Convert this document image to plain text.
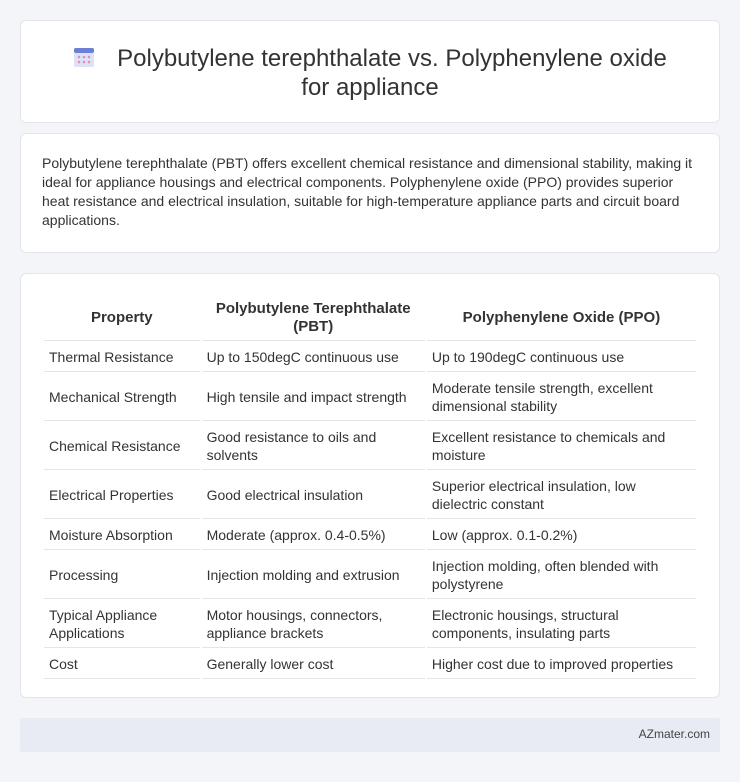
Polybutylene terephthalate vs. Polyphenylene oxide for appliance

Polybutylene terephthalate (PBT) offers excellent chemical resistance and dimensional stability, making it ideal for appliance housings and electrical components. Polyphenylene oxide (PPO) provides superior heat resistance and electrical insulation, suitable for high-temperature appliance parts and circuit board applications.

Property	Polybutylene Terephthalate (PBT)	Polyphenylene Oxide (PPO)
Thermal Resistance	Up to 150degC continuous use	Up to 190degC continuous use
Mechanical Strength	High tensile and impact strength	Moderate tensile strength, excellent dimensional stability
Chemical Resistance	Good resistance to oils and solvents	Excellent resistance to chemicals and moisture
Electrical Properties	Good electrical insulation	Superior electrical insulation, low dielectric constant
Moisture Absorption	Moderate (approx. 0.4-0.5%)	Low (approx. 0.1-0.2%)
Processing	Injection molding and extrusion	Injection molding, often blended with polystyrene
Typical Appliance Applications	Motor housings, connectors, appliance brackets	Electronic housings, structural components, insulating parts
Cost	Generally lower cost	Higher cost due to improved properties
AZmater.com
